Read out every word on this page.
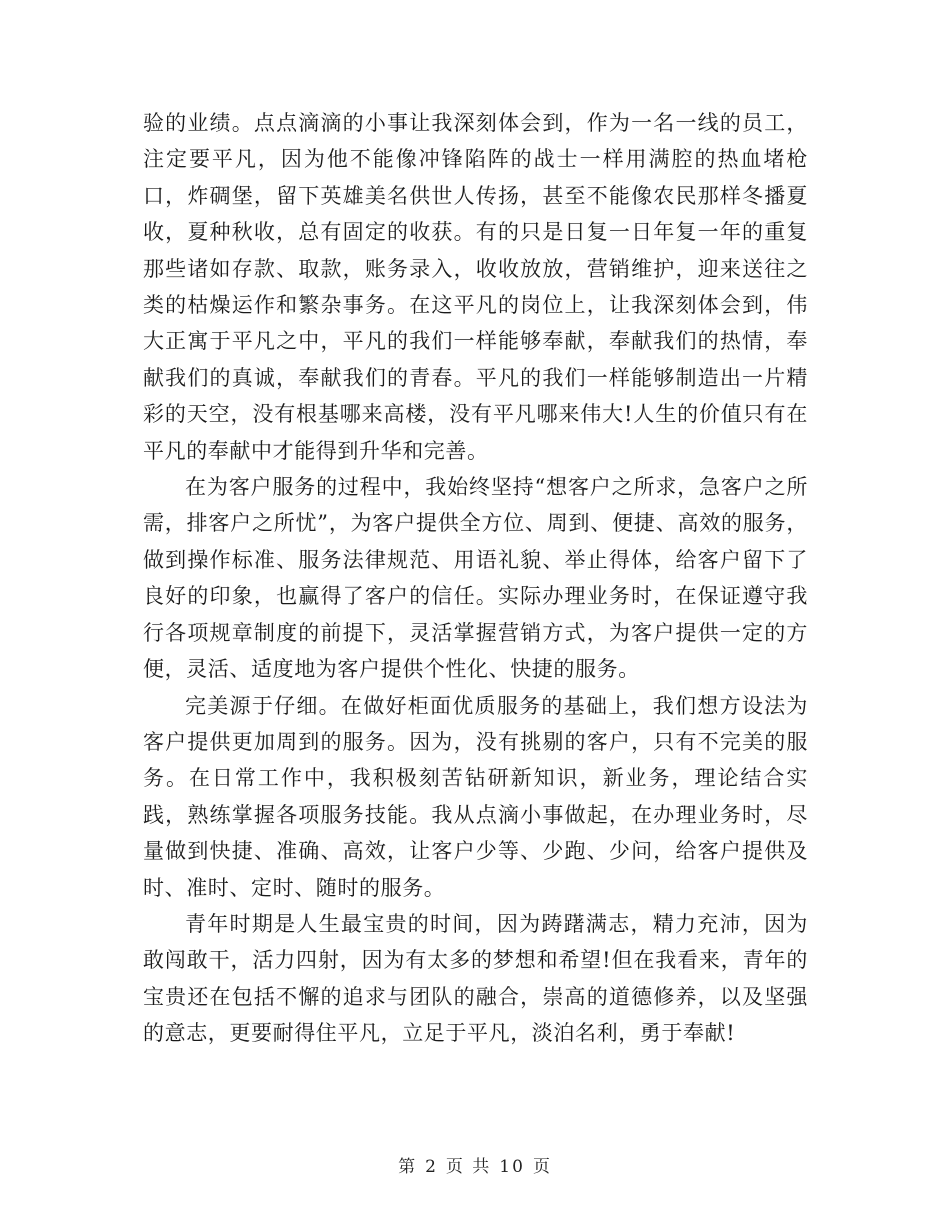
验的业绩。点点滴滴的小事让我深刻体会到，作为一名一线的员工，注定要平凡，因为他不能像冲锋陷阵的战士一样用满腔的热血堵枪口，炸碉堡，留下英雄美名供世人传扬，甚至不能像农民那样冬播夏收，夏种秋收，总有固定的收获。有的只是日复一日年复一年的重复那些诸如存款、取款，账务录入，收收放放，营销维护，迎来送往之类的枯燥运作和繁杂事务。在这平凡的岗位上，让我深刻体会到，伟大正寓于平凡之中，平凡的我们一样能够奉献，奉献我们的热情，奉献我们的真诚，奉献我们的青春。平凡的我们一样能够制造出一片精彩的天空，没有根基哪来高楼，没有平凡哪来伟大!人生的价值只有在平凡的奉献中才能得到升华和完善。

在为客户服务的过程中，我始终坚持“想客户之所求，急客户之所需，排客户之所忧”，为客户提供全方位、周到、便捷、高效的服务，做到操作标准、服务法律规范、用语礼貌、举止得体，给客户留下了良好的印象，也赢得了客户的信任。实际办理业务时，在保证遵守我行各项规章制度的前提下，灵活掌握营销方式，为客户提供一定的方便，灵活、适度地为客户提供个性化、快捷的服务。

完美源于仔细。在做好柜面优质服务的基础上，我们想方设法为客户提供更加周到的服务。因为，没有挑剔的客户，只有不完美的服务。在日常工作中，我积极刻苦钻研新知识，新业务，理论结合实践，熟练掌握各项服务技能。我从点滴小事做起，在办理业务时，尽量做到快捷、准确、高效，让客户少等、少跑、少问，给客户提供及时、准时、定时、随时的服务。

青年时期是人生最宝贵的时间，因为踌躇满志，精力充沛，因为敢闯敢干，活力四射，因为有太多的梦想和希望!但在我看来，青年的宝贵还在包括不懈的追求与团队的融合，崇高的道德修养，以及坚强的意志，更要耐得住平凡，立足于平凡，淡泊名利，勇于奉献!

第 2 页 共 10 页
